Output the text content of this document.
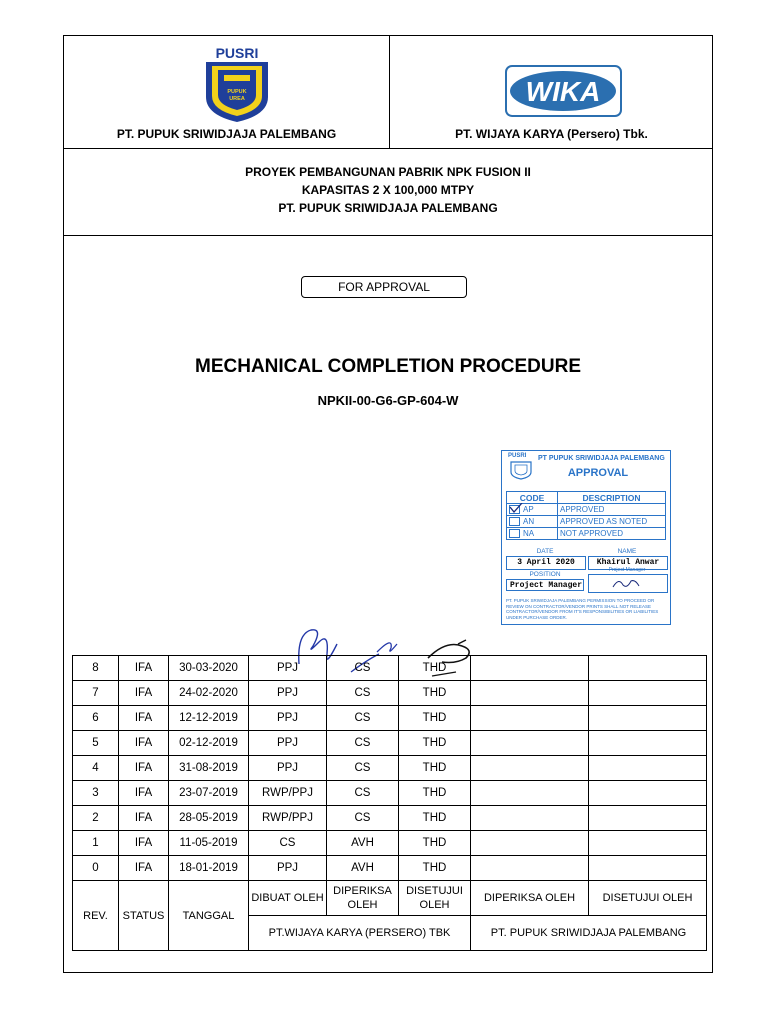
PUSRI
PUPUK
UREA
PT. PUPUK SRIWIDJAJA PALEMBANG
WIKA
PT. WIJAYA KARYA (Persero) Tbk.
PROYEK PEMBANGUNAN PABRIK NPK FUSION II
KAPASITAS 2 X 100,000 MTPY
PT. PUPUK SRIWIDJAJA PALEMBANG
FOR APPROVAL
MECHANICAL COMPLETION PROCEDURE
NPKII-00-G6-GP-604-W
PUSRI PT PUPUK SRIWIDJAJA PALEMBANG
APPROVAL
CODE	DESCRIPTION

AP	APPROVED
AN	APPROVED AS NOTED
NA	NOT APPROVED
DATE	NAME
3 April 2020	Khairul Anwar
POSITION
Project Manager
Project Manager
PT. PUPUK SRIWIDJAJA PALEMBANG PERMISSION TO PROCEED OR REVIEW ON CONTRACTOR/VENDOR PRINTS SHALL NOT RELEASE CONTRACTOR/VENDOR FROM IT'S RESPONSIBILITIES OR LIABILITIES UNDER PURCHASE ORDER.
8	IFA	30-03-2020	PPJ	CS	THD		
7	IFA	24-02-2020	PPJ	CS	THD		
6	IFA	12-12-2019	PPJ	CS	THD		
5	IFA	02-12-2019	PPJ	CS	THD		
4	IFA	31-08-2019	PPJ	CS	THD		
3	IFA	23-07-2019	RWP/PPJ	CS	THD		
2	IFA	28-05-2019	RWP/PPJ	CS	THD		
1	IFA	11-05-2019	CS	AVH	THD		
0	IFA	18-01-2019	PPJ	AVH	THD		
REV.	STATUS	TANGGAL	DIBUAT OLEH	DIPERIKSA OLEH	DISETUJUI OLEH	DIPERIKSA OLEH	DISETUJUI OLEH
			PT.WIJAYA KARYA (PERSERO) TBK			PT. PUPUK SRIWIDJAJA PALEMBANG	
